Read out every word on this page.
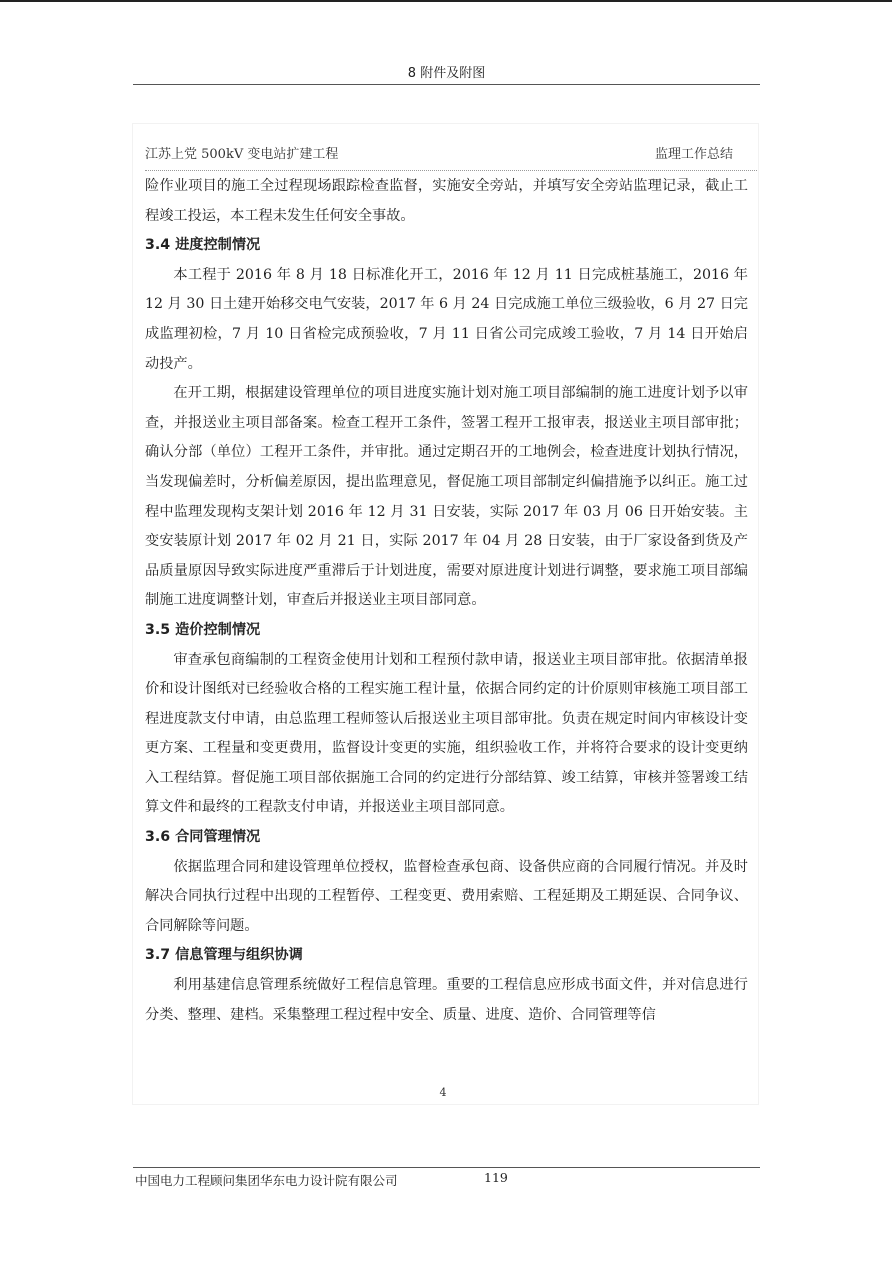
8 附件及附图
江苏上党 500kV 变电站扩建工程	监理工作总结

险作业项目的施工全过程现场跟踪检查监督，实施安全旁站，并填写安全旁站监理记录，截止工程竣工投运，本工程未发生任何安全事故。

3.4 进度控制情况

本工程于 2016 年 8 月 18 日标准化开工，2016 年 12 月 11 日完成桩基施工，2016 年 12 月 30 日土建开始移交电气安装，2017 年 6 月 24 日完成施工单位三级验收，6 月 27 日完成监理初检，7 月 10 日省检完成预验收，7 月 11 日省公司完成竣工验收，7 月 14 日开始启动投产。

在开工期，根据建设管理单位的项目进度实施计划对施工项目部编制的施工进度计划予以审查，并报送业主项目部备案。检查工程开工条件，签署工程开工报审表，报送业主项目部审批；确认分部（单位）工程开工条件，并审批。通过定期召开的工地例会，检查进度计划执行情况，当发现偏差时，分析偏差原因，提出监理意见，督促施工项目部制定纠偏措施予以纠正。施工过程中监理发现构支架计划 2016 年 12 月 31 日安装，实际 2017 年 03 月 06 日开始安装。主变安装原计划 2017 年 02 月 21 日，实际 2017 年 04 月 28 日安装，由于厂家设备到货及产品质量原因导致实际进度严重滞后于计划进度，需要对原进度计划进行调整，要求施工项目部编制施工进度调整计划，审查后并报送业主项目部同意。

3.5 造价控制情况

审查承包商编制的工程资金使用计划和工程预付款申请，报送业主项目部审批。依据清单报价和设计图纸对已经验收合格的工程实施工程计量，依据合同约定的计价原则审核施工项目部工程进度款支付申请，由总监理工程师签认后报送业主项目部审批。负责在规定时间内审核设计变更方案、工程量和变更费用，监督设计变更的实施，组织验收工作，并将符合要求的设计变更纳入工程结算。督促施工项目部依据施工合同的约定进行分部结算、竣工结算，审核并签署竣工结算文件和最终的工程款支付申请，并报送业主项目部同意。

3.6 合同管理情况

依据监理合同和建设管理单位授权，监督检查承包商、设备供应商的合同履行情况。并及时解决合同执行过程中出现的工程暂停、工程变更、费用索赔、工程延期及工期延误、合同争议、合同解除等问题。

3.7 信息管理与组织协调

利用基建信息管理系统做好工程信息管理。重要的工程信息应形成书面文件，并对信息进行分类、整理、建档。采集整理工程过程中安全、质量、进度、造价、合同管理等信

4
中国电力工程顾问集团华东电力设计院有限公司	119
